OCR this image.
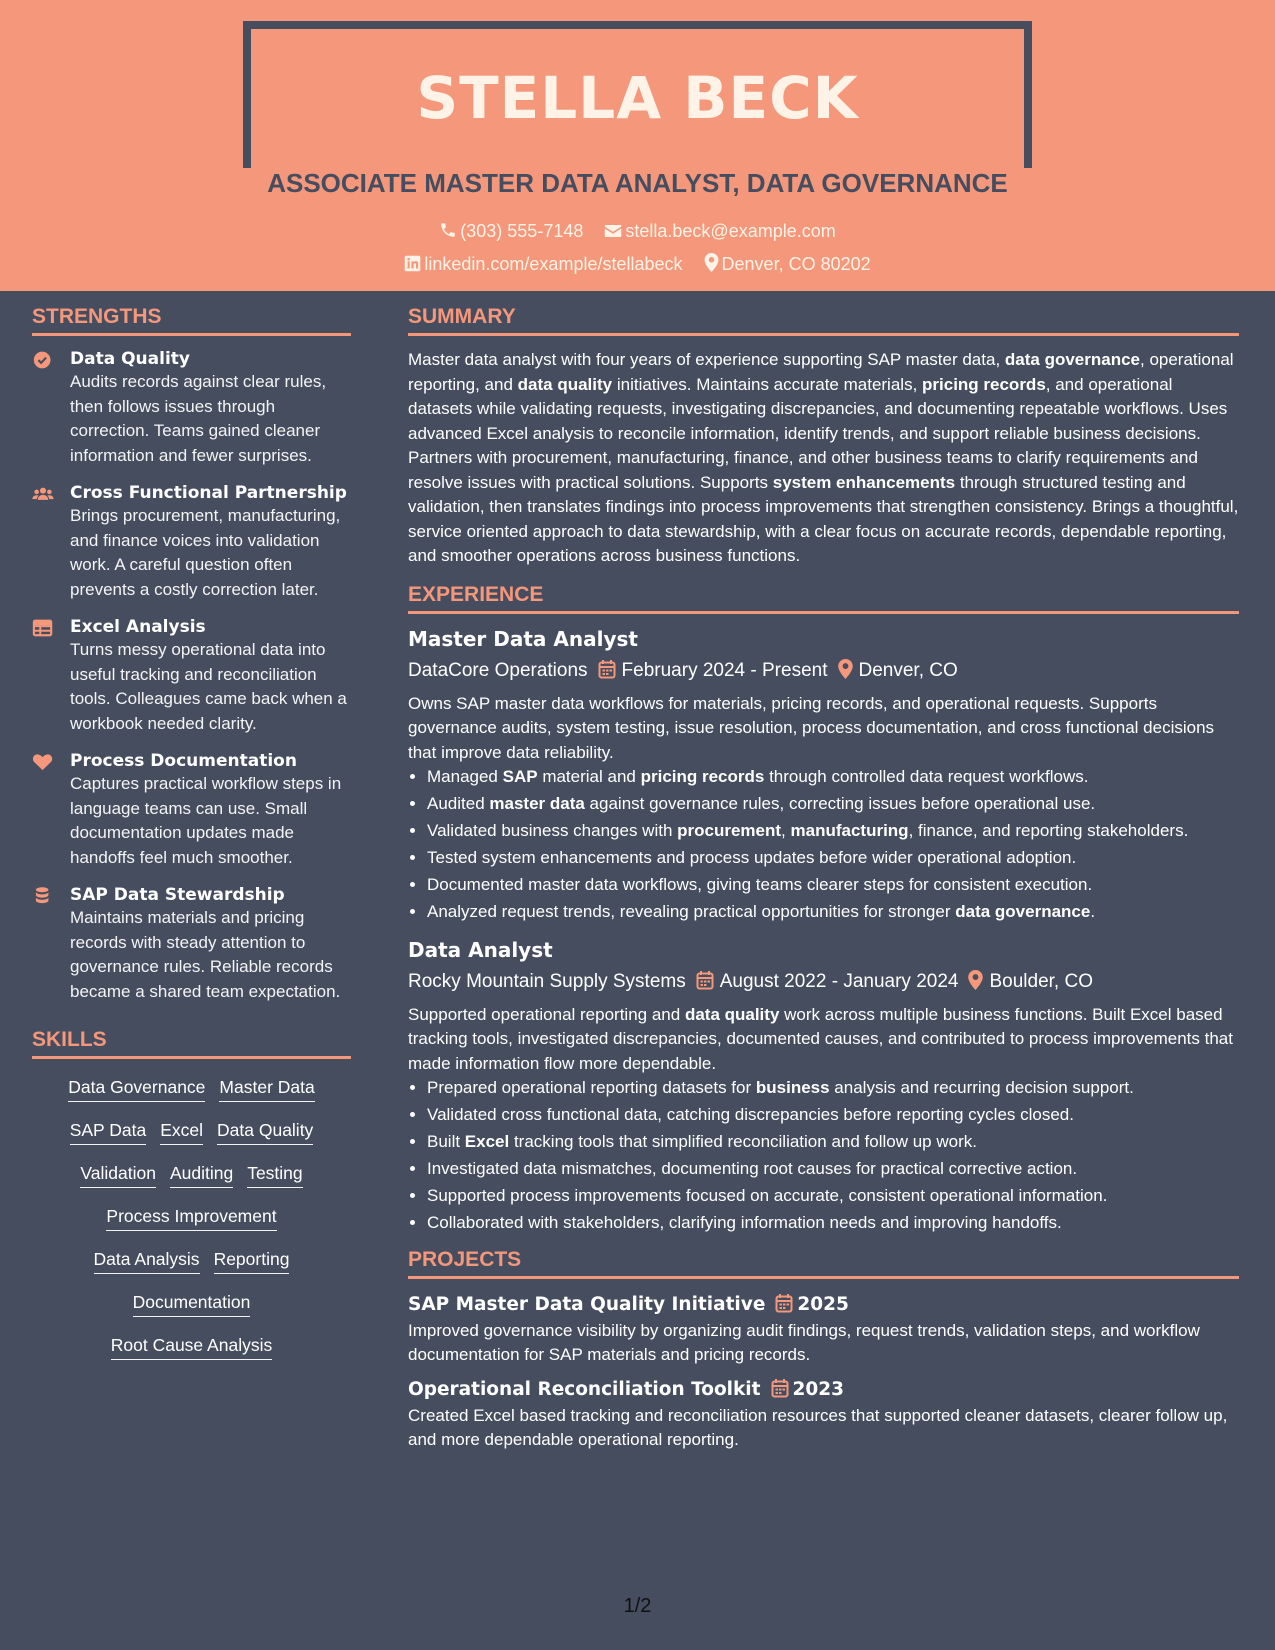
STELLA BECK
ASSOCIATE MASTER DATA ANALYST, DATA GOVERNANCE
(303) 555-7148 stella.beck@example.com
linkedin.com/example/stellabeck Denver, CO 80202
STRENGTHS
Data Quality
Audits records against clear rules, then follows issues through correction. Teams gained cleaner information and fewer surprises.
Cross Functional Partnership
Brings procurement, manufacturing, and finance voices into validation work. A careful question often prevents a costly correction later.
Excel Analysis
Turns messy operational data into useful tracking and reconciliation tools. Colleagues came back when a workbook needed clarity.
Process Documentation
Captures practical workflow steps in language teams can use. Small documentation updates made handoffs feel much smoother.
SAP Data Stewardship
Maintains materials and pricing records with steady attention to governance rules. Reliable records became a shared team expectation.
SKILLS
Data Governance Master Data
SAP Data Excel Data Quality
Validation Auditing Testing
Process Improvement
Data Analysis Reporting
Documentation
Root Cause Analysis
SUMMARY
Master data analyst with four years of experience supporting SAP master data, data governance, operational reporting, and data quality initiatives. Maintains accurate materials, pricing records, and operational datasets while validating requests, investigating discrepancies, and documenting repeatable workflows. Uses advanced Excel analysis to reconcile information, identify trends, and support reliable business decisions. Partners with procurement, manufacturing, finance, and other business teams to clarify requirements and resolve issues with practical solutions. Supports system enhancements through structured testing and validation, then translates findings into process improvements that strengthen consistency. Brings a thoughtful, service oriented approach to data stewardship, with a clear focus on accurate records, dependable reporting, and smoother operations across business functions.
EXPERIENCE
Master Data Analyst
DataCore Operations February 2024 - Present Denver, CO
Owns SAP master data workflows for materials, pricing records, and operational requests. Supports governance audits, system testing, issue resolution, process documentation, and cross functional decisions that improve data reliability.
• Managed SAP material and pricing records through controlled data request workflows.
• Audited master data against governance rules, correcting issues before operational use.
• Validated business changes with procurement, manufacturing, finance, and reporting stakeholders.
• Tested system enhancements and process updates before wider operational adoption.
• Documented master data workflows, giving teams clearer steps for consistent execution.
• Analyzed request trends, revealing practical opportunities for stronger data governance.
Data Analyst
Rocky Mountain Supply Systems August 2022 - January 2024 Boulder, CO
Supported operational reporting and data quality work across multiple business functions. Built Excel based tracking tools, investigated discrepancies, documented causes, and contributed to process improvements that made information flow more dependable.
• Prepared operational reporting datasets for business analysis and recurring decision support.
• Validated cross functional data, catching discrepancies before reporting cycles closed.
• Built Excel tracking tools that simplified reconciliation and follow up work.
• Investigated data mismatches, documenting root causes for practical corrective action.
• Supported process improvements focused on accurate, consistent operational information.
• Collaborated with stakeholders, clarifying information needs and improving handoffs.
PROJECTS
SAP Master Data Quality Initiative 2025
Improved governance visibility by organizing audit findings, request trends, validation steps, and workflow documentation for SAP materials and pricing records.
Operational Reconciliation Toolkit 2023
Created Excel based tracking and reconciliation resources that supported cleaner datasets, clearer follow up, and more dependable operational reporting.
1/2
